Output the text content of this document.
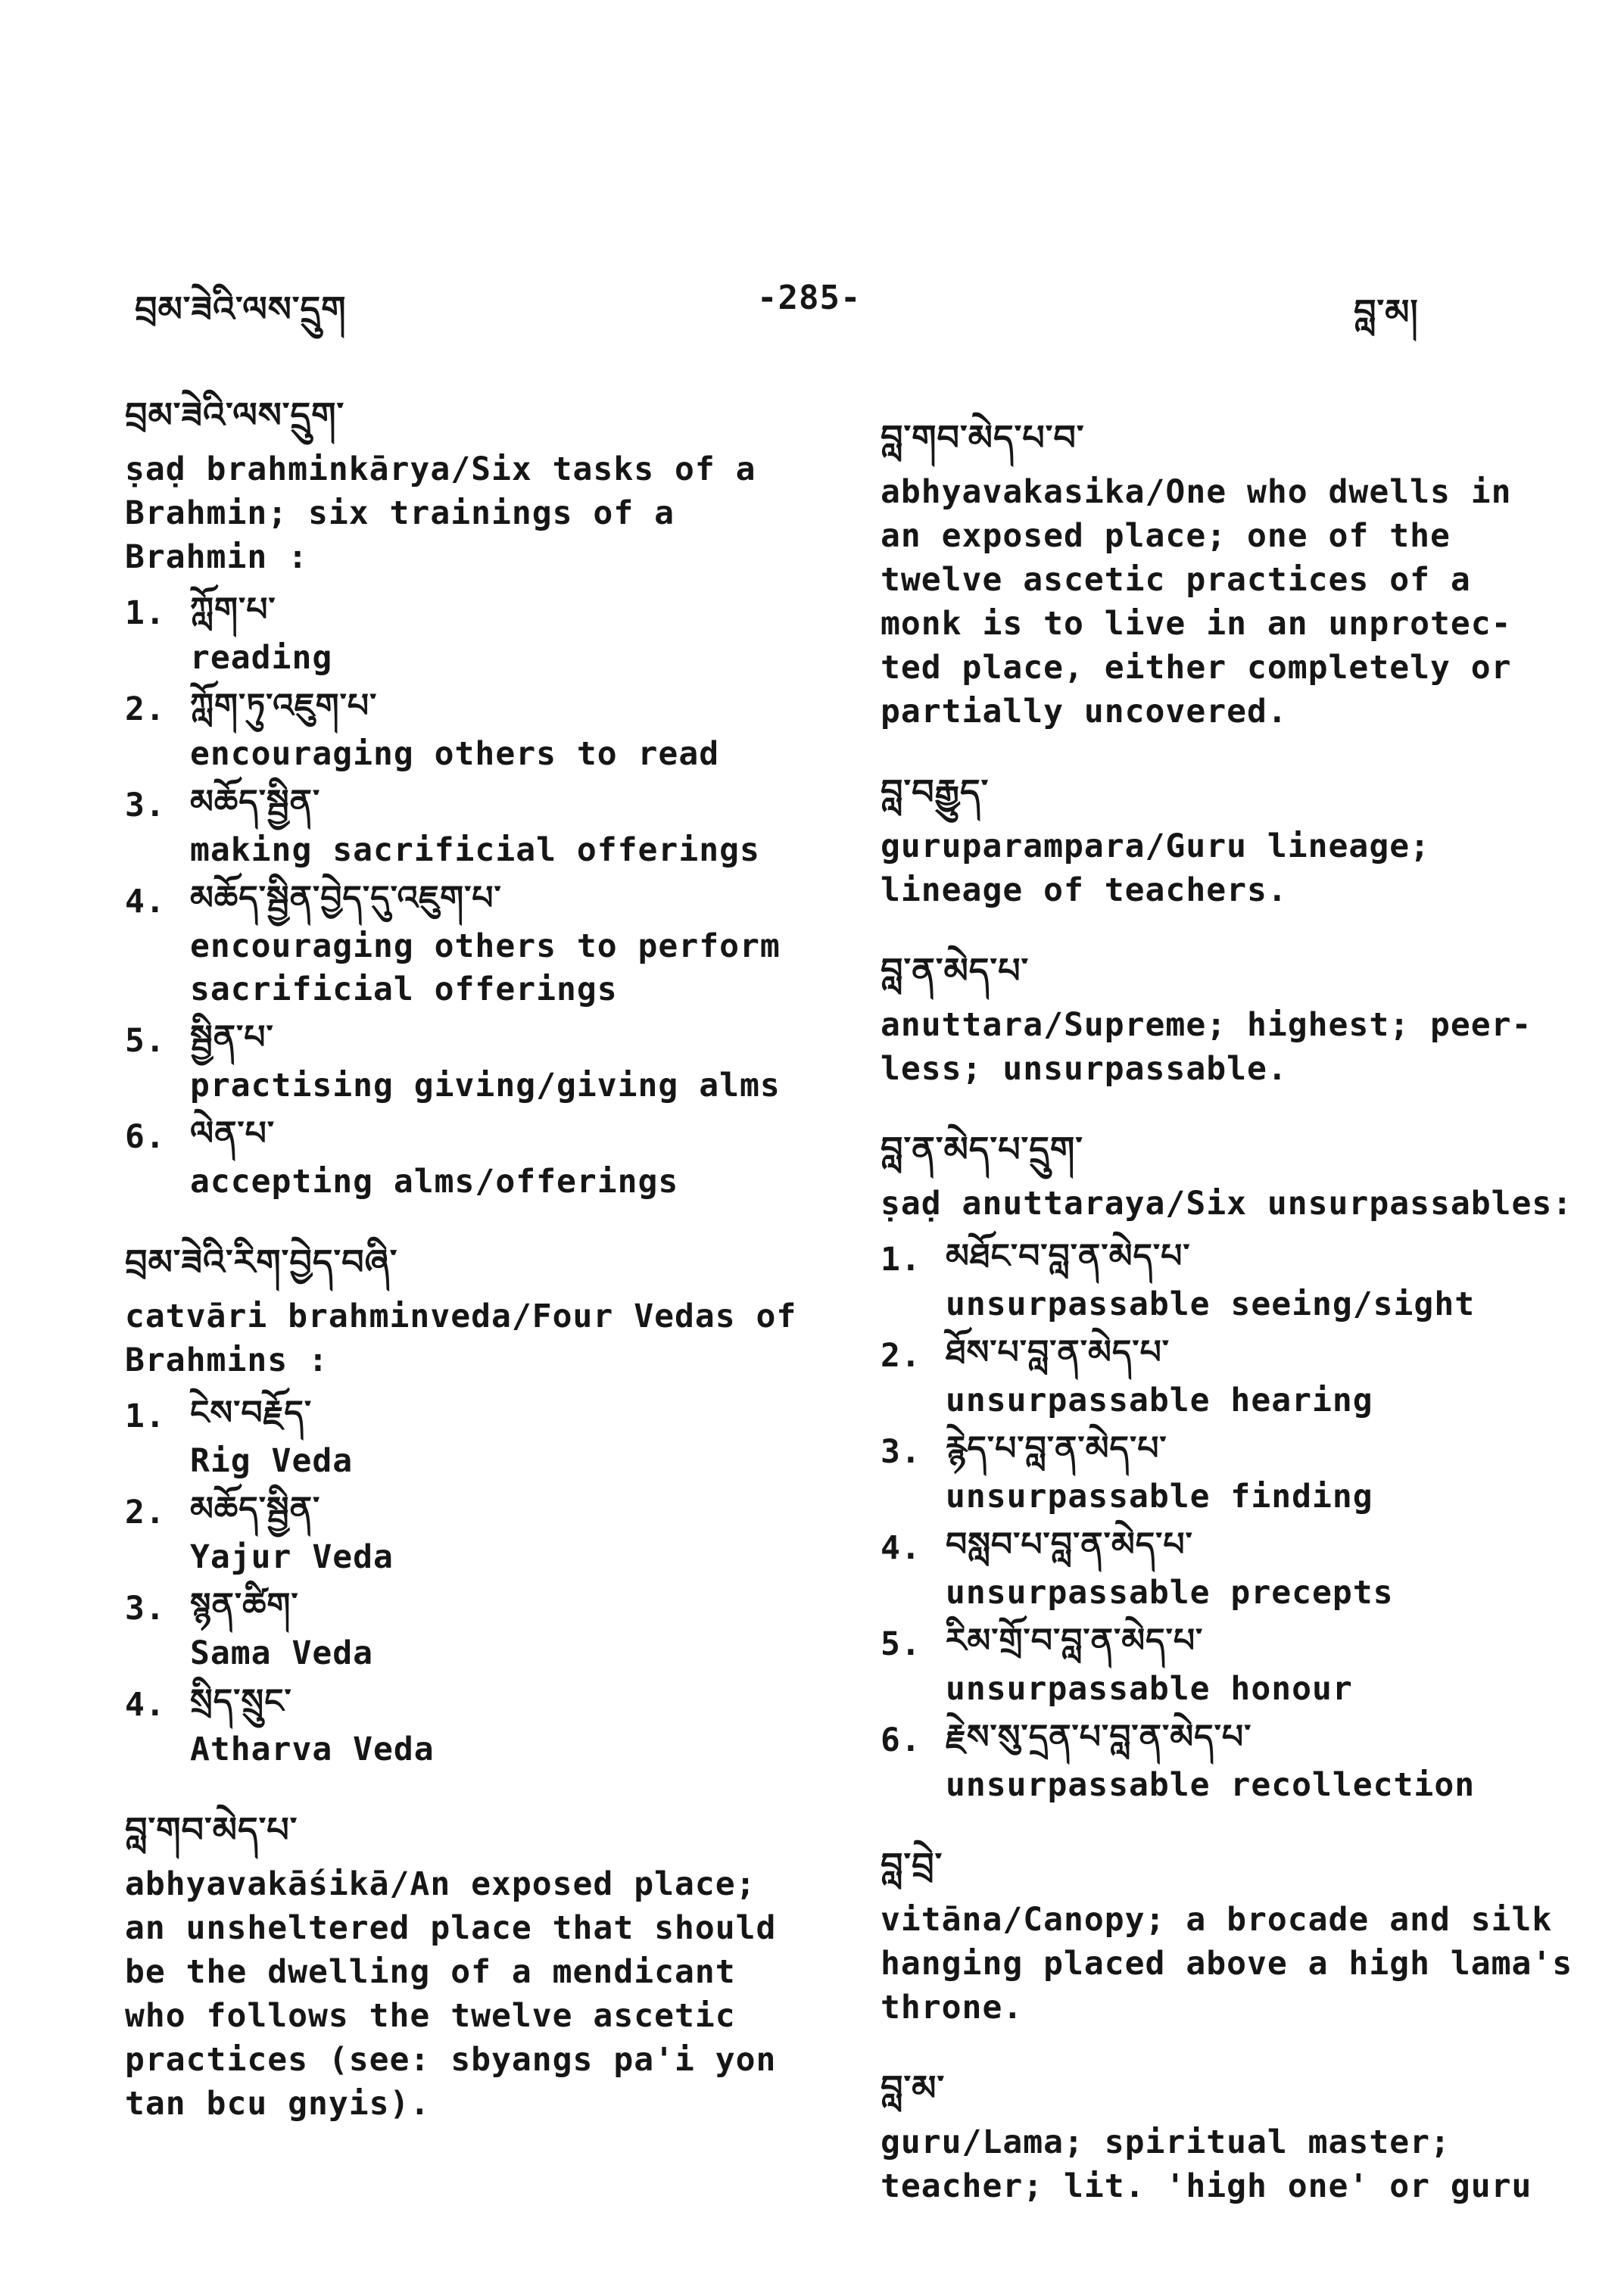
བྲམ་ཟེའི་ལས་དྲུག	-285-	བླ་མ།
བྲམ་ཟེའི་ལས་དྲུག་

ṣaḍ brahminkārya/Six tasks of a

Brahmin; six trainings of a

Brahmin :

1. ཀློག་པ་
reading
2. ཀློག་ཏུ་འཇུག་པ་
encouraging others to read
3. མཆོད་སྦྱིན་
making sacrificial offerings
4. མཆོད་སྦྱིན་བྱེད་དུ་འཇུག་པ་
encouraging others to perform sacrificial offerings
5. སྦྱིན་པ་
practising giving/giving alms
6. ལེན་པ་
accepting alms/offerings
བྲམ་ཟེའི་རིག་བྱེད་བཞི་

catvāri brahminveda/Four Vedas of

Brahmins :

1. ངེས་བརྗོད་
Rig Veda
2. མཆོད་སྦྱིན་
Yajur Veda
3. སྙན་ཚིག་
Sama Veda
4. སྲིད་སྲུང་
Atharva Veda
བླ་གབ་མེད་པ་

abhyavakāśikā/An exposed place;

an unsheltered place that should

be the dwelling of a mendicant

who follows the twelve ascetic

practices (see: sbyangs pa'i yon

tan bcu gnyis).

བླ་གབ་མེད་པ་བ་

abhyavakasika/One who dwells in

an exposed place; one of the

twelve ascetic practices of a

monk is to live in an unprotec-

ted place, either completely or

partially uncovered.

བླ་བརྒྱུད་

guruparampara/Guru lineage;

lineage of teachers.

བླ་ན་མེད་པ་

anuttara/Supreme; highest; peer-

less; unsurpassable.

བླ་ན་མེད་པ་དྲུག་

ṣaḍ anuttaraya/Six unsurpassables:

1. མཐོང་བ་བླ་ན་མེད་པ་
unsurpassable seeing/sight
2. ཐོས་པ་བླ་ན་མེད་པ་
unsurpassable hearing
3. རྙེད་པ་བླ་ན་མེད་པ་
unsurpassable finding
4. བསླབ་པ་བླ་ན་མེད་པ་
unsurpassable precepts
5. རིམ་གྲོ་བ་བླ་ན་མེད་པ་
unsurpassable honour
6. རྗེས་སུ་དྲན་པ་བླ་ན་མེད་པ་
unsurpassable recollection
བླ་བྲེ་

vitāna/Canopy; a brocade and silk

hanging placed above a high lama's

throne.

བླ་མ་

guru/Lama; spiritual master;

teacher; lit. 'high one' or guru
